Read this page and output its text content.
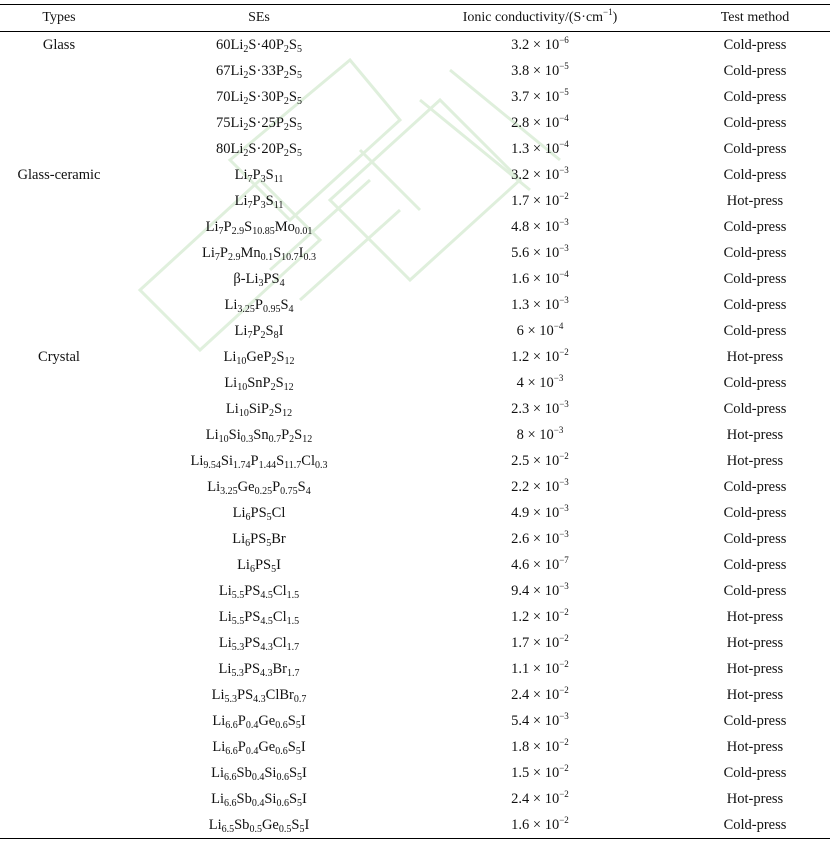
Types	SEs	Ionic conductivity/$(S\cdot cm^{-1})$	Test method
Glass	$60Li_2S\cdot 40P_2S_5$	$3.2 \times 10^{-6}$	Cold-press
	$67Li_2S\cdot 33P_2S_5$	$3.8 \times 10^{-5}$	Cold-press
	$70Li_2S\cdot 30P_2S_5$	$3.7 \times 10^{-5}$	Cold-press
	$75Li_2S\cdot 25P_2S_5$	$2.8 \times 10^{-4}$	Cold-press
	$80Li_2S\cdot 20P_2S_5$	$1.3 \times 10^{-4}$	Cold-press
Glass-ceramic	$Li_7P_3S_{11}$	$3.2 \times 10^{-3}$	Cold-press
	$Li_7P_3S_{11}$	$1.7 \times 10^{-2}$	Hot-press
	$Li_7P_{2.9}S_{10.85}Mo_{0.01}$	$4.8 \times 10^{-3}$	Cold-press
	$Li_7P_{2.9}Mn_{0.1}S_{10.7}I_{0.3}$	$5.6 \times 10^{-3}$	Cold-press
	$\beta-Li_3PS_4$	$1.6 \times 10^{-4}$	Cold-press
	$Li_{3.25}P_{0.95}S_4$	$1.3 \times 10^{-3}$	Cold-press
	$Li_7P_2S_8I$	$6 \times 10^{-4}$	Cold-press
Crystal	$Li_{10}GeP_2S_{12}$	$1.2 \times 10^{-2}$	Hot-press
	$Li_{10}SnP_2S_{12}$	$4 \times 10^{-3}$	Cold-press
	$Li_{10}SiP_2S_{12}$	$2.3 \times 10^{-3}$	Cold-press
	$Li_{10}Si_{0.3}Sn_{0.7}P_2S_{12}$	$8 \times 10^{-3}$	Hot-press
	$Li_{9.54}Si_{1.74}P_{1.44}S_{11.7}Cl_{0.3}$	$2.5 \times 10^{-2}$	Hot-press
	$Li_{3.25}Ge_{0.25}P_{0.75}S_4$	$2.2 \times 10^{-3}$	Cold-press
	$Li_6PS_5Cl$	$4.9 \times 10^{-3}$	Cold-press
	$Li_6PS_5Br$	$2.6 \times 10^{-3}$	Cold-press
	$Li_6PS_5I$	$4.6 \times 10^{-7}$	Cold-press
	$Li_{5.5}PS_{4.5}Cl_{1.5}$	$9.4 \times 10^{-3}$	Cold-press
	$Li_{5.5}PS_{4.5}Cl_{1.5}$	$1.2 \times 10^{-2}$	Hot-press
	$Li_{5.3}PS_{4.3}Cl_{1.7}$	$1.7 \times 10^{-2}$	Hot-press
	$Li_{5.3}PS_{4.3}Br_{1.7}$	$1.1 \times 10^{-2}$	Hot-press
	$Li_{5.3}PS_{4.3}ClBr_{0.7}$	$2.4 \times 10^{-2}$	Hot-press
	$Li_{6.6}P_{0.4}Ge_{0.6}S_5I$	$5.4 \times 10^{-3}$	Cold-press
	$Li_{6.6}P_{0.4}Ge_{0.6}S_5I$	$1.8 \times 10^{-2}$	Hot-press
	$Li_{6.6}Sb_{0.4}Si_{0.6}S_5I$	$1.5 \times 10^{-2}$	Cold-press
	$Li_{6.6}Sb_{0.4}Si_{0.6}S_5I$	$2.4 \times 10^{-2}$	Hot-press
	$Li_{6.5}Sb_{0.5}Ge_{0.5}S_5I$	$1.6 \times 10^{-2}$	Cold-press
